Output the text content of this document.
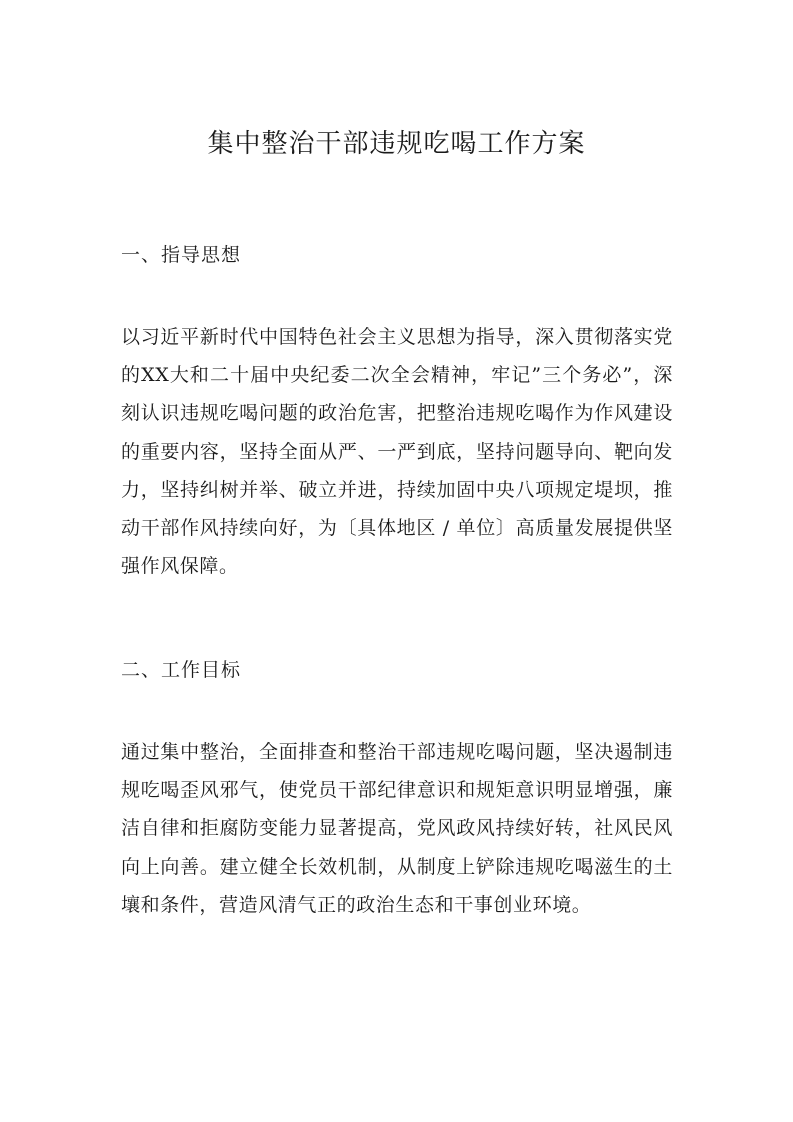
集中整治干部违规吃喝工作方案
一、指导思想

以习近平新时代中国特色社会主义思想为指导，深入贯彻落实党的XX大和二十届中央纪委二次全会精神，牢记”三个务必”，深刻认识违规吃喝问题的政治危害，把整治违规吃喝作为作风建设的重要内容，坚持全面从严、一严到底，坚持问题导向、靶向发力，坚持纠树并举、破立并进，持续加固中央八项规定堤坝，推动干部作风持续向好，为〔具体地区 / 单位〕高质量发展提供坚强作风保障。

二、工作目标

通过集中整治，全面排查和整治干部违规吃喝问题，坚决遏制违规吃喝歪风邪气，使党员干部纪律意识和规矩意识明显增强，廉洁自律和拒腐防变能力显著提高，党风政风持续好转，社风民风向上向善。建立健全长效机制，从制度上铲除违规吃喝滋生的土壤和条件，营造风清气正的政治生态和干事创业环境。
